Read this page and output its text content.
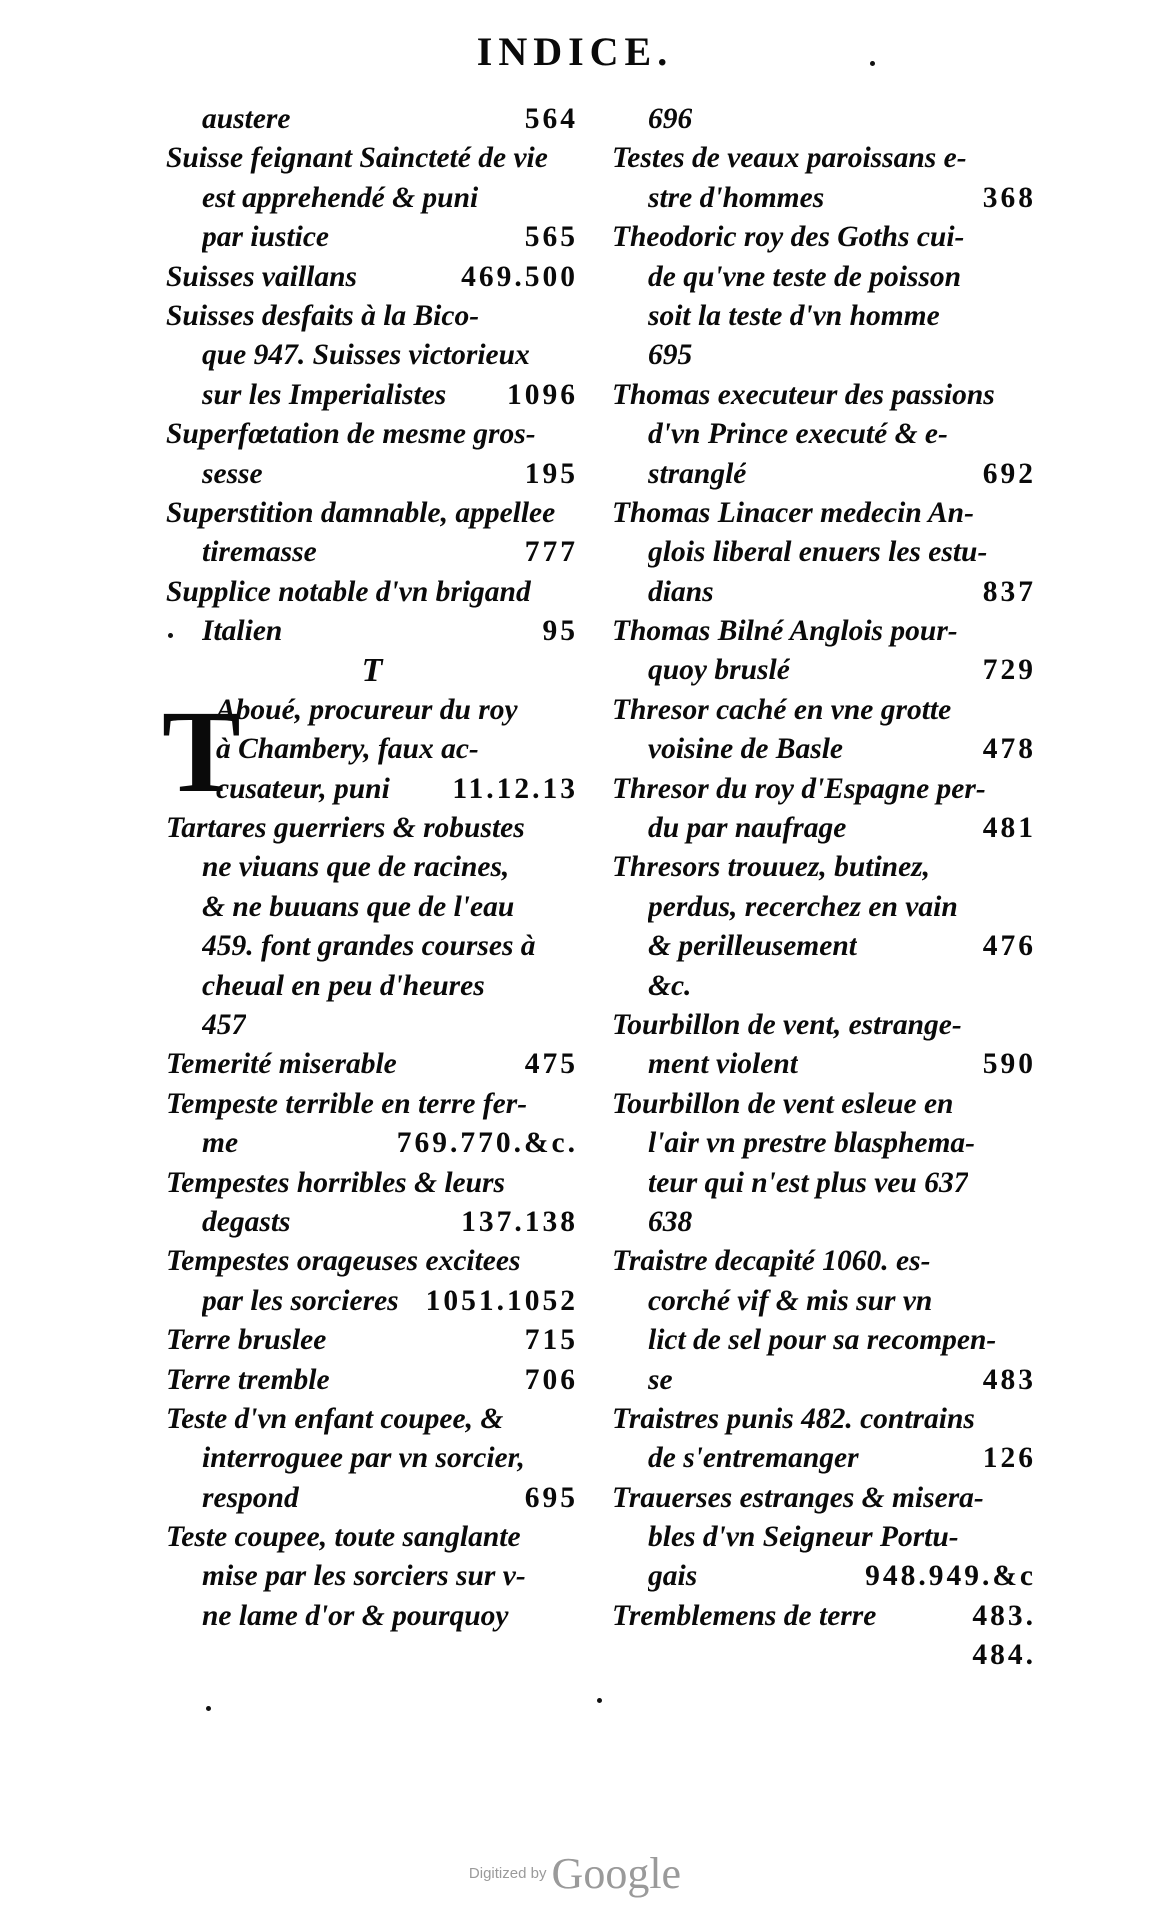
INDICE.
austere	564
Suisse feignant Saincteté de vie
est apprehendé & puni
par iustice	565
Suisses vaillans	469.500
Suisses desfaits à la Bico-
que 947. Suisses victorieux
sur les Imperialistes 1096
Superfœtation de mesme gros-
sesse	195
Superstition damnable, appellee
tiremasse	777
Supplice notable d'vn brigand
Italien	95
T
T
Aboué, procureur du roy
à Chambery, faux ac-
cusateur, puni 11.12.13
Tartares guerriers & robustes
ne viuans que de racines,
& ne buuans que de l'eau
459. font grandes courses à
cheual en peu d'heures
457
Temerité miserable	475
Tempeste terrible en terre fer-
me	769.770.&c.
Tempestes horribles & leurs
degasts	137.138
Tempestes orageuses excitees
par les sorcieres 1051.1052
Terre bruslee	715
Terre tremble	706
Teste d'vn enfant coupee, &
interroguee par vn sorcier,
respond	695
Teste coupee, toute sanglante
mise par les sorciers sur v-
ne lame d'or & pourquoy
696
Testes de veaux paroissans e-
stre d'hommes	368
Theodoric roy des Goths cui-
de qu'vne teste de poisson
soit la teste d'vn homme
695
Thomas executeur des passions
d'vn Prince executé & e-
stranglé	692
Thomas Linacer medecin An-
glois liberal enuers les estu-
dians	837
Thomas Bilné Anglois pour-
quoy bruslé	729
Thresor caché en vne grotte
voisine de Basle	478
Thresor du roy d'Espagne per-
du par naufrage	481
Thresors trouuez, butinez,
perdus, recerchez en vain
& perilleusement	476
&c.
Tourbillon de vent, estrange-
ment violent	590
Tourbillon de vent esleue en
l'air vn prestre blasphema-
teur qui n'est plus veu 637
638
Traistre decapité 1060. es-
corché vif & mis sur vn
lict de sel pour sa recompen-
se	483
Traistres punis 482. contrains
de s'entremanger	126
Trauerses estranges & misera-
bles d'vn Seigneur Portu-
gais	948.949.&c
Tremblemens de terre	483.
484.
Digitized by Google
